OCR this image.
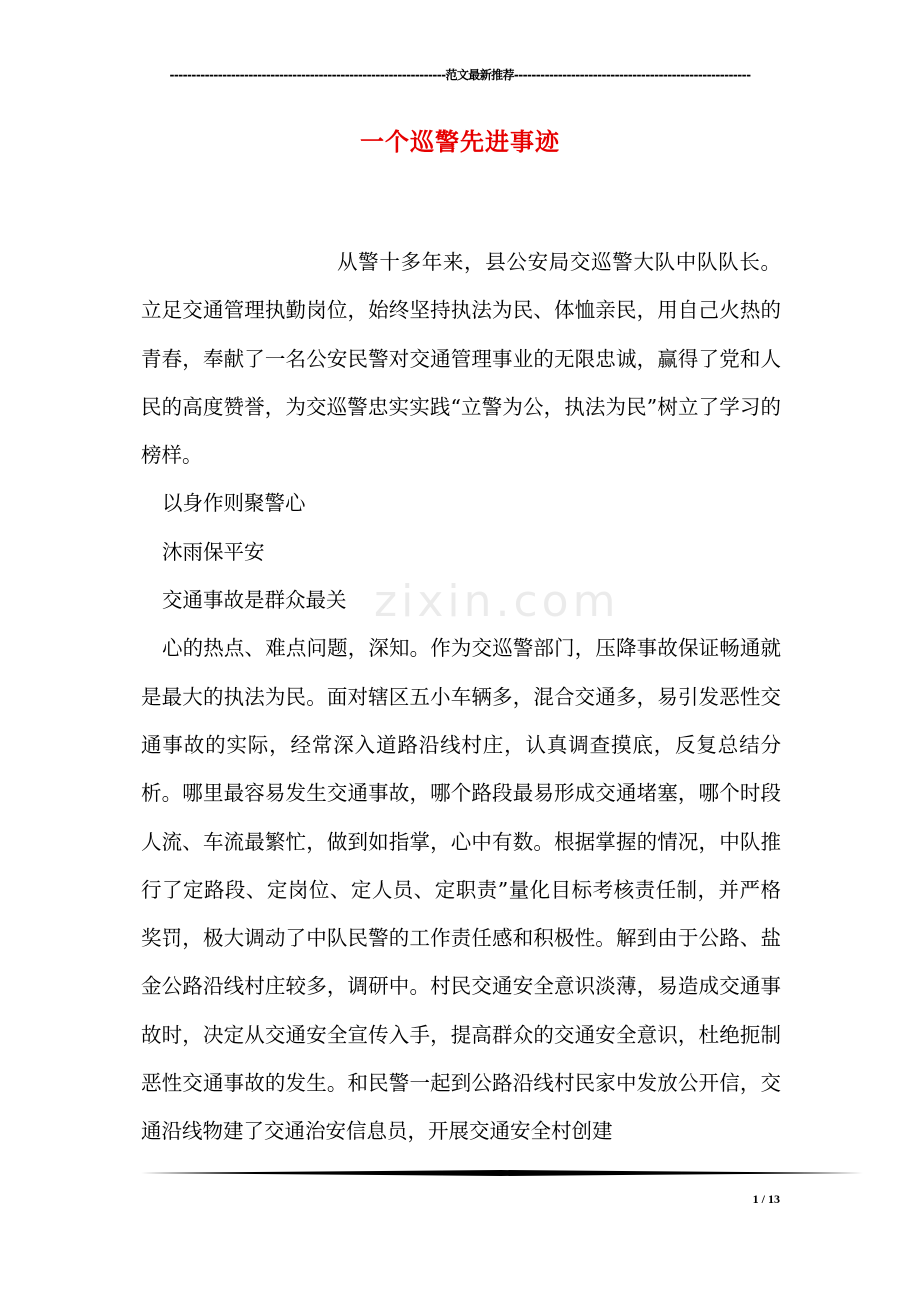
---------------------------------------------------------------范文最新推荐------------------------------------------------------
一个巡警先进事迹
zixin.com

从警十多年来，县公安局交巡警大队中队队长。立足交通管理执勤岗位，始终坚持执法为民、体恤亲民，用自己火热的青春，奉献了一名公安民警对交通管理事业的无限忠诚，赢得了党和人民的高度赞誉，为交巡警忠实实践“立警为公，执法为民”树立了学习的榜样。

以身作则聚警心

沐雨保平安

交通事故是群众最关

心的热点、难点问题，深知。作为交巡警部门，压降事故保证畅通就是最大的执法为民。面对辖区五小车辆多，混合交通多，易引发恶性交通事故的实际，经常深入道路沿线村庄，认真调查摸底，反复总结分析。哪里最容易发生交通事故，哪个路段最易形成交通堵塞，哪个时段人流、车流最繁忙，做到如指掌，心中有数。根据掌握的情况，中队推行了定路段、定岗位、定人员、定职责”量化目标考核责任制，并严格奖罚，极大调动了中队民警的工作责任感和积极性。解到由于公路、盐金公路沿线村庄较多，调研中。村民交通安全意识淡薄，易造成交通事故时，决定从交通安全宣传入手，提高群众的交通安全意识，杜绝扼制恶性交通事故的发生。和民警一起到公路沿线村民家中发放公开信，交通沿线物建了交通治安信息员，开展交通安全村创建

1 / 13
